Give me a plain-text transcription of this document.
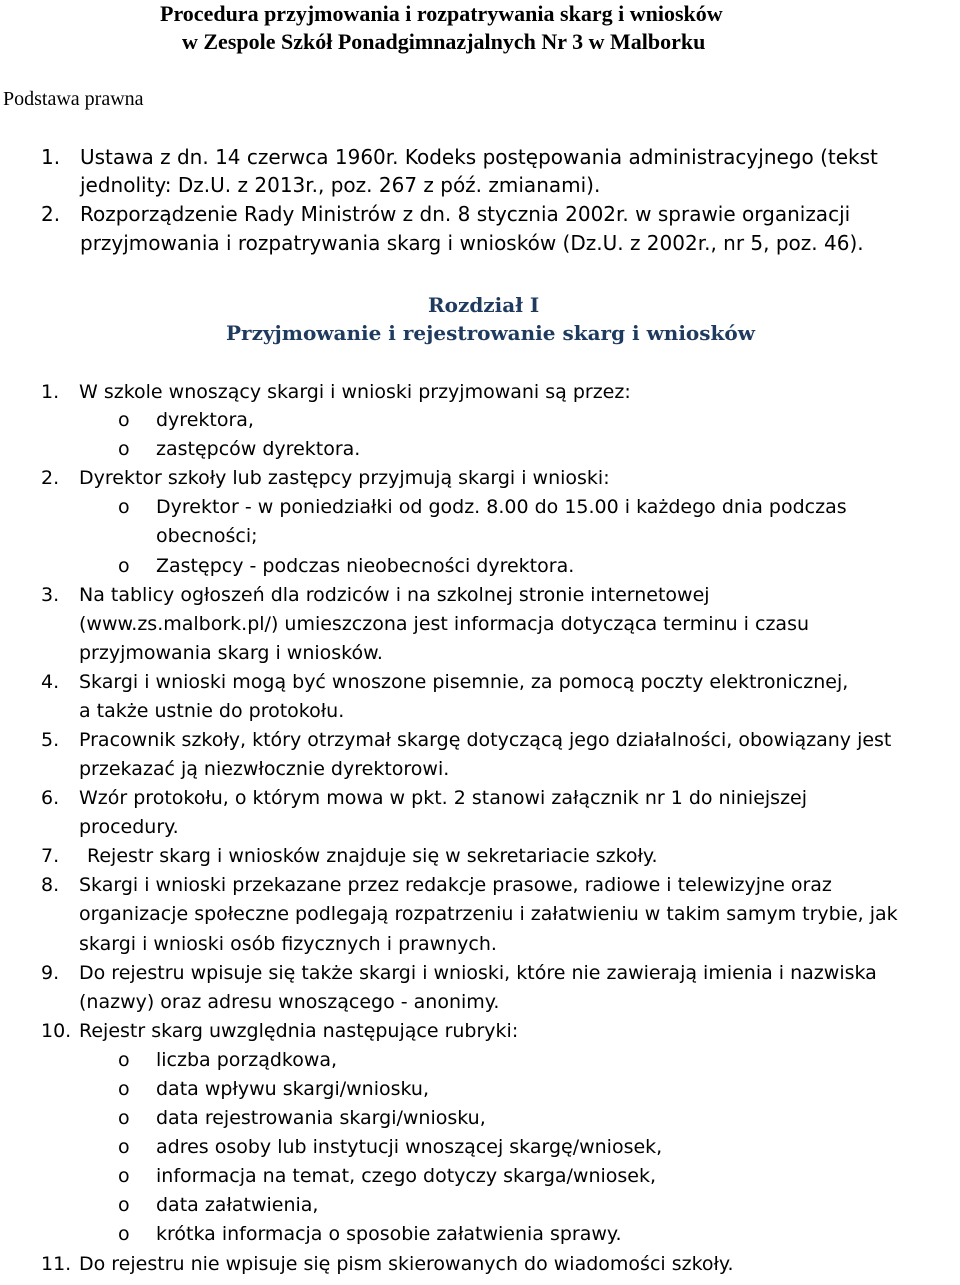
Procedura przyjmowania i rozpatrywania skarg i wniosków
w Zespole Szkół Ponadgimnazjalnych Nr 3 w Malborku
Podstawa prawna
1. Ustawa z dn. 14 czerwca 1960r. Kodeks postępowania administracyjnego (tekst
jednolity: Dz.U. z 2013r., poz. 267 z póź. zmianami).
2. Rozporządzenie Rady Ministrów z dn. 8 stycznia 2002r. w sprawie organizacji
przyjmowania i rozpatrywania skarg i wniosków (Dz.U. z 2002r., nr 5, poz. 46).
Rozdział I
Przyjmowanie i rejestrowanie skarg i wniosków
1. W szkole wnoszący skargi i wnioski przyjmowani są przez:
o dyrektora,
o zastępców dyrektora.
2. Dyrektor szkoły lub zastępcy przyjmują skargi i wnioski:
o Dyrektor - w poniedziałki od godz. 8.00 do 15.00 i każdego dnia podczas
obecności;
o Zastępcy - podczas nieobecności dyrektora.
3. Na tablicy ogłoszeń dla rodziców i na szkolnej stronie internetowej
(www.zs.malbork.pl/) umieszczona jest informacja dotycząca terminu i czasu
przyjmowania skarg i wniosków.
4. Skargi i wnioski mogą być wnoszone pisemnie, za pomocą poczty elektronicznej,
a także ustnie do protokołu.
5. Pracownik szkoły, który otrzymał skargę dotyczącą jego działalności, obowiązany jest
przekazać ją niezwłocznie dyrektorowi.
6. Wzór protokołu, o którym mowa w pkt. 2 stanowi załącznik nr 1 do niniejszej
procedury.
7. Rejestr skarg i wniosków znajduje się w sekretariacie szkoły.
8. Skargi i wnioski przekazane przez redakcje prasowe, radiowe i telewizyjne oraz
organizacje społeczne podlegają rozpatrzeniu i załatwieniu w takim samym trybie, jak
skargi i wnioski osób fizycznych i prawnych.
9. Do rejestru wpisuje się także skargi i wnioski, które nie zawierają imienia i nazwiska
(nazwy) oraz adresu wnoszącego - anonimy.
10. Rejestr skarg uwzględnia następujące rubryki:
o liczba porządkowa,
o data wpływu skargi/wniosku,
o data rejestrowania skargi/wniosku,
o adres osoby lub instytucji wnoszącej skargę/wniosek,
o informacja na temat, czego dotyczy skarga/wniosek,
o data załatwienia,
o krótka informacja o sposobie załatwienia sprawy.
11. Do rejestru nie wpisuje się pism skierowanych do wiadomości szkoły.
